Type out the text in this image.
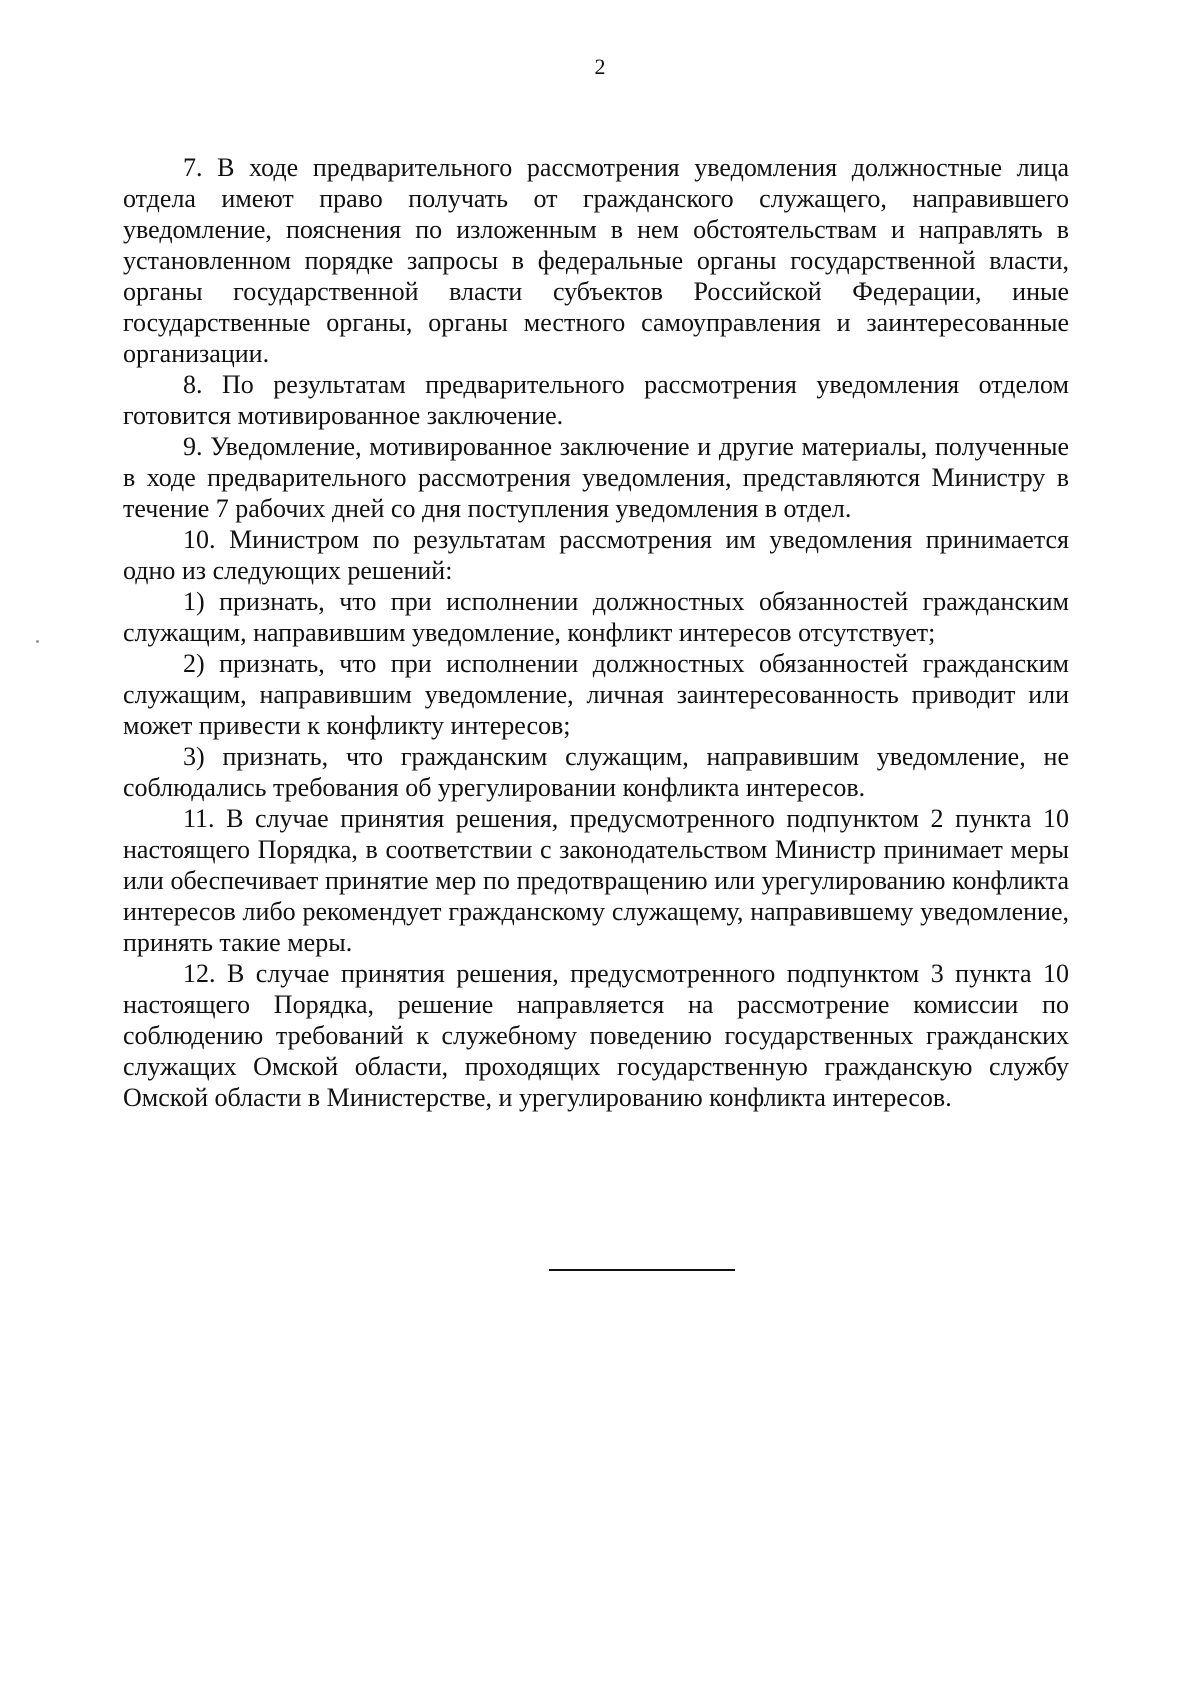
2

7. В ходе предварительного рассмотрения уведомления должностные лица отдела имеют право получать от гражданского служащего, направившего уведомление, пояснения по изложенным в нем обстоятельствам и направлять в установленном порядке запросы в федеральные органы государственной власти, органы государственной власти субъектов Российской Федерации, иные государственные органы, органы местного самоуправления и заинтересованные организации.

8. По результатам предварительного рассмотрения уведомления отделом готовится мотивированное заключение.

9. Уведомление, мотивированное заключение и другие материалы, полученные в ходе предварительного рассмотрения уведомления, представляются Министру в течение 7 рабочих дней со дня поступления уведомления в отдел.

10. Министром по результатам рассмотрения им уведомления принимается одно из следующих решений:

1) признать, что при исполнении должностных обязанностей гражданским служащим, направившим уведомление, конфликт интересов отсутствует;

2) признать, что при исполнении должностных обязанностей гражданским служащим, направившим уведомление, личная заинтересованность приводит или может привести к конфликту интересов;

3) признать, что гражданским служащим, направившим уведомление, не соблюдались требования об урегулировании конфликта интересов.

11. В случае принятия решения, предусмотренного подпунктом 2 пункта 10 настоящего Порядка, в соответствии с законодательством Министр принимает меры или обеспечивает принятие мер по предотвращению или урегулированию конфликта интересов либо рекомендует гражданскому служащему, направившему уведомление, принять такие меры.

12. В случае принятия решения, предусмотренного подпунктом 3 пункта 10 настоящего Порядка, решение направляется на рассмотрение комиссии по соблюдению требований к служебному поведению государственных гражданских служащих Омской области, проходящих государственную гражданскую службу Омской области в Министерстве, и урегулированию конфликта интересов.
